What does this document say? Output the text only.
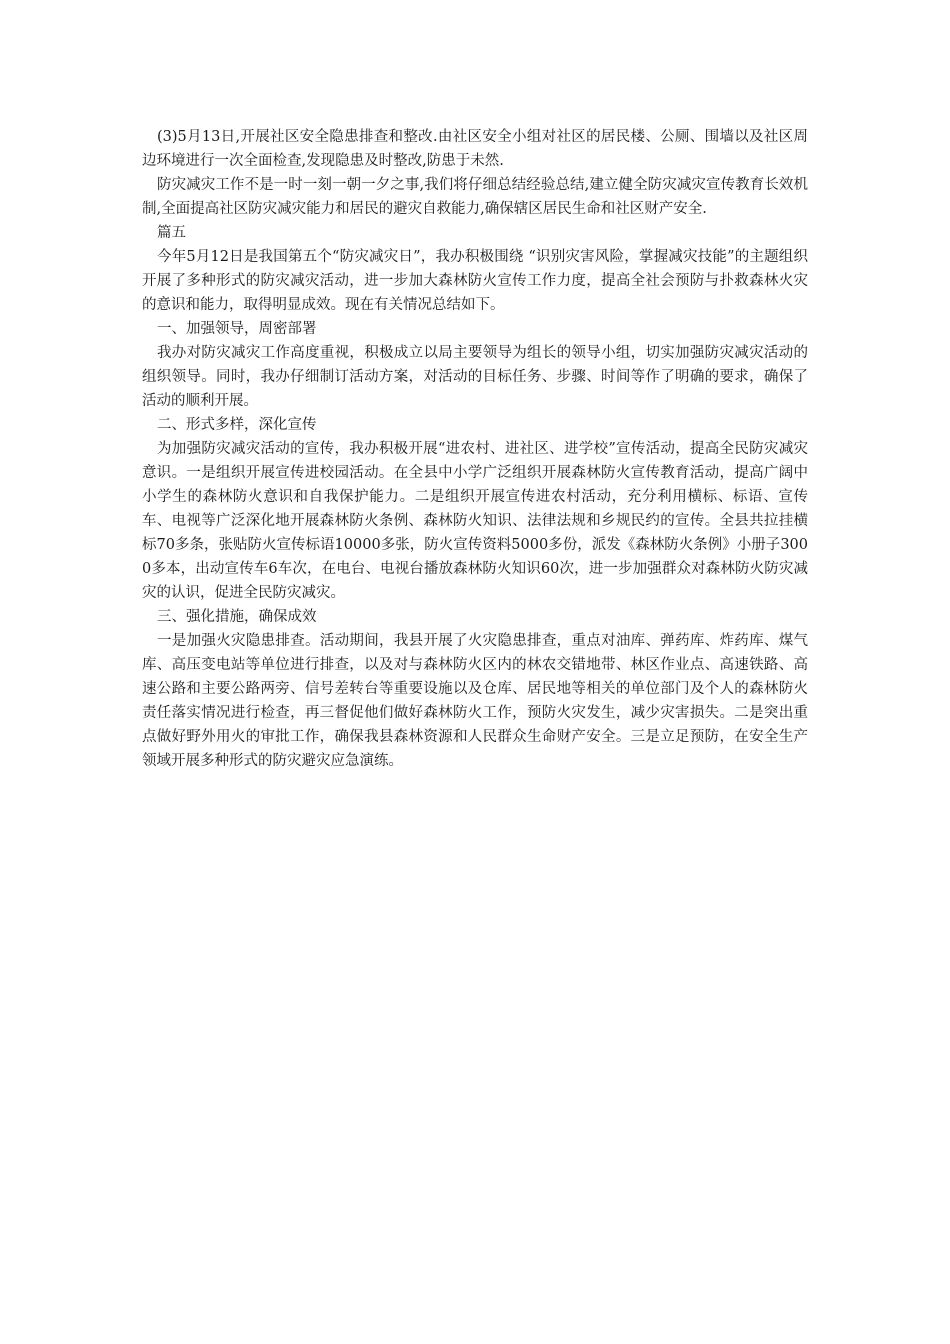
(3)5月13日,开展社区安全隐患排查和整改.由社区安全小组对社区的居民楼、公厕、围墙以及社区周边环境进行一次全面检查,发现隐患及时整改,防患于未然.

防灾减灾工作不是一时一刻一朝一夕之事,我们将仔细总结经验总结,建立健全防灾减灾宣传教育长效机制,全面提高社区防灾减灾能力和居民的避灾自救能力,确保辖区居民生命和社区财产安全.

篇五

今年5月12日是我国第五个“防灾减灾日”，我办积极围绕 “识别灾害风险，掌握减灾技能”的主题组织开展了多种形式的防灾减灾活动，进一步加大森林防火宣传工作力度，提高全社会预防与扑救森林火灾的意识和能力，取得明显成效。现在有关情况总结如下。

一、加强领导，周密部署

我办对防灾减灾工作高度重视，积极成立以局主要领导为组长的领导小组，切实加强防灾减灾活动的组织领导。同时，我办仔细制订活动方案，对活动的目标任务、步骤、时间等作了明确的要求，确保了活动的顺利开展。

二、形式多样，深化宣传

为加强防灾减灾活动的宣传，我办积极开展“进农村、进社区、进学校”宣传活动，提高全民防灾减灾意识。一是组织开展宣传进校园活动。在全县中小学广泛组织开展森林防火宣传教育活动，提高广阔中小学生的森林防火意识和自我保护能力。二是组织开展宣传进农村活动，充分利用横标、标语、宣传车、电视等广泛深化地开展森林防火条例、森林防火知识、法律法规和乡规民约的宣传。全县共拉挂横标70多条，张贴防火宣传标语10000多张，防火宣传资料5000多份，派发《森林防火条例》小册子3000多本，出动宣传车6车次，在电台、电视台播放森林防火知识60次，进一步加强群众对森林防火防灾减灾的认识，促进全民防灾减灾。

三、强化措施，确保成效

一是加强火灾隐患排查。活动期间，我县开展了火灾隐患排查，重点对油库、弹药库、炸药库、煤气库、高压变电站等单位进行排查，以及对与森林防火区内的林农交错地带、林区作业点、高速铁路、高速公路和主要公路两旁、信号差转台等重要设施以及仓库、居民地等相关的单位部门及个人的森林防火责任落实情况进行检查，再三督促他们做好森林防火工作，预防火灾发生，减少灾害损失。二是突出重点做好野外用火的审批工作，确保我县森林资源和人民群众生命财产安全。三是立足预防，在安全生产领域开展多种形式的防灾避灾应急演练。
